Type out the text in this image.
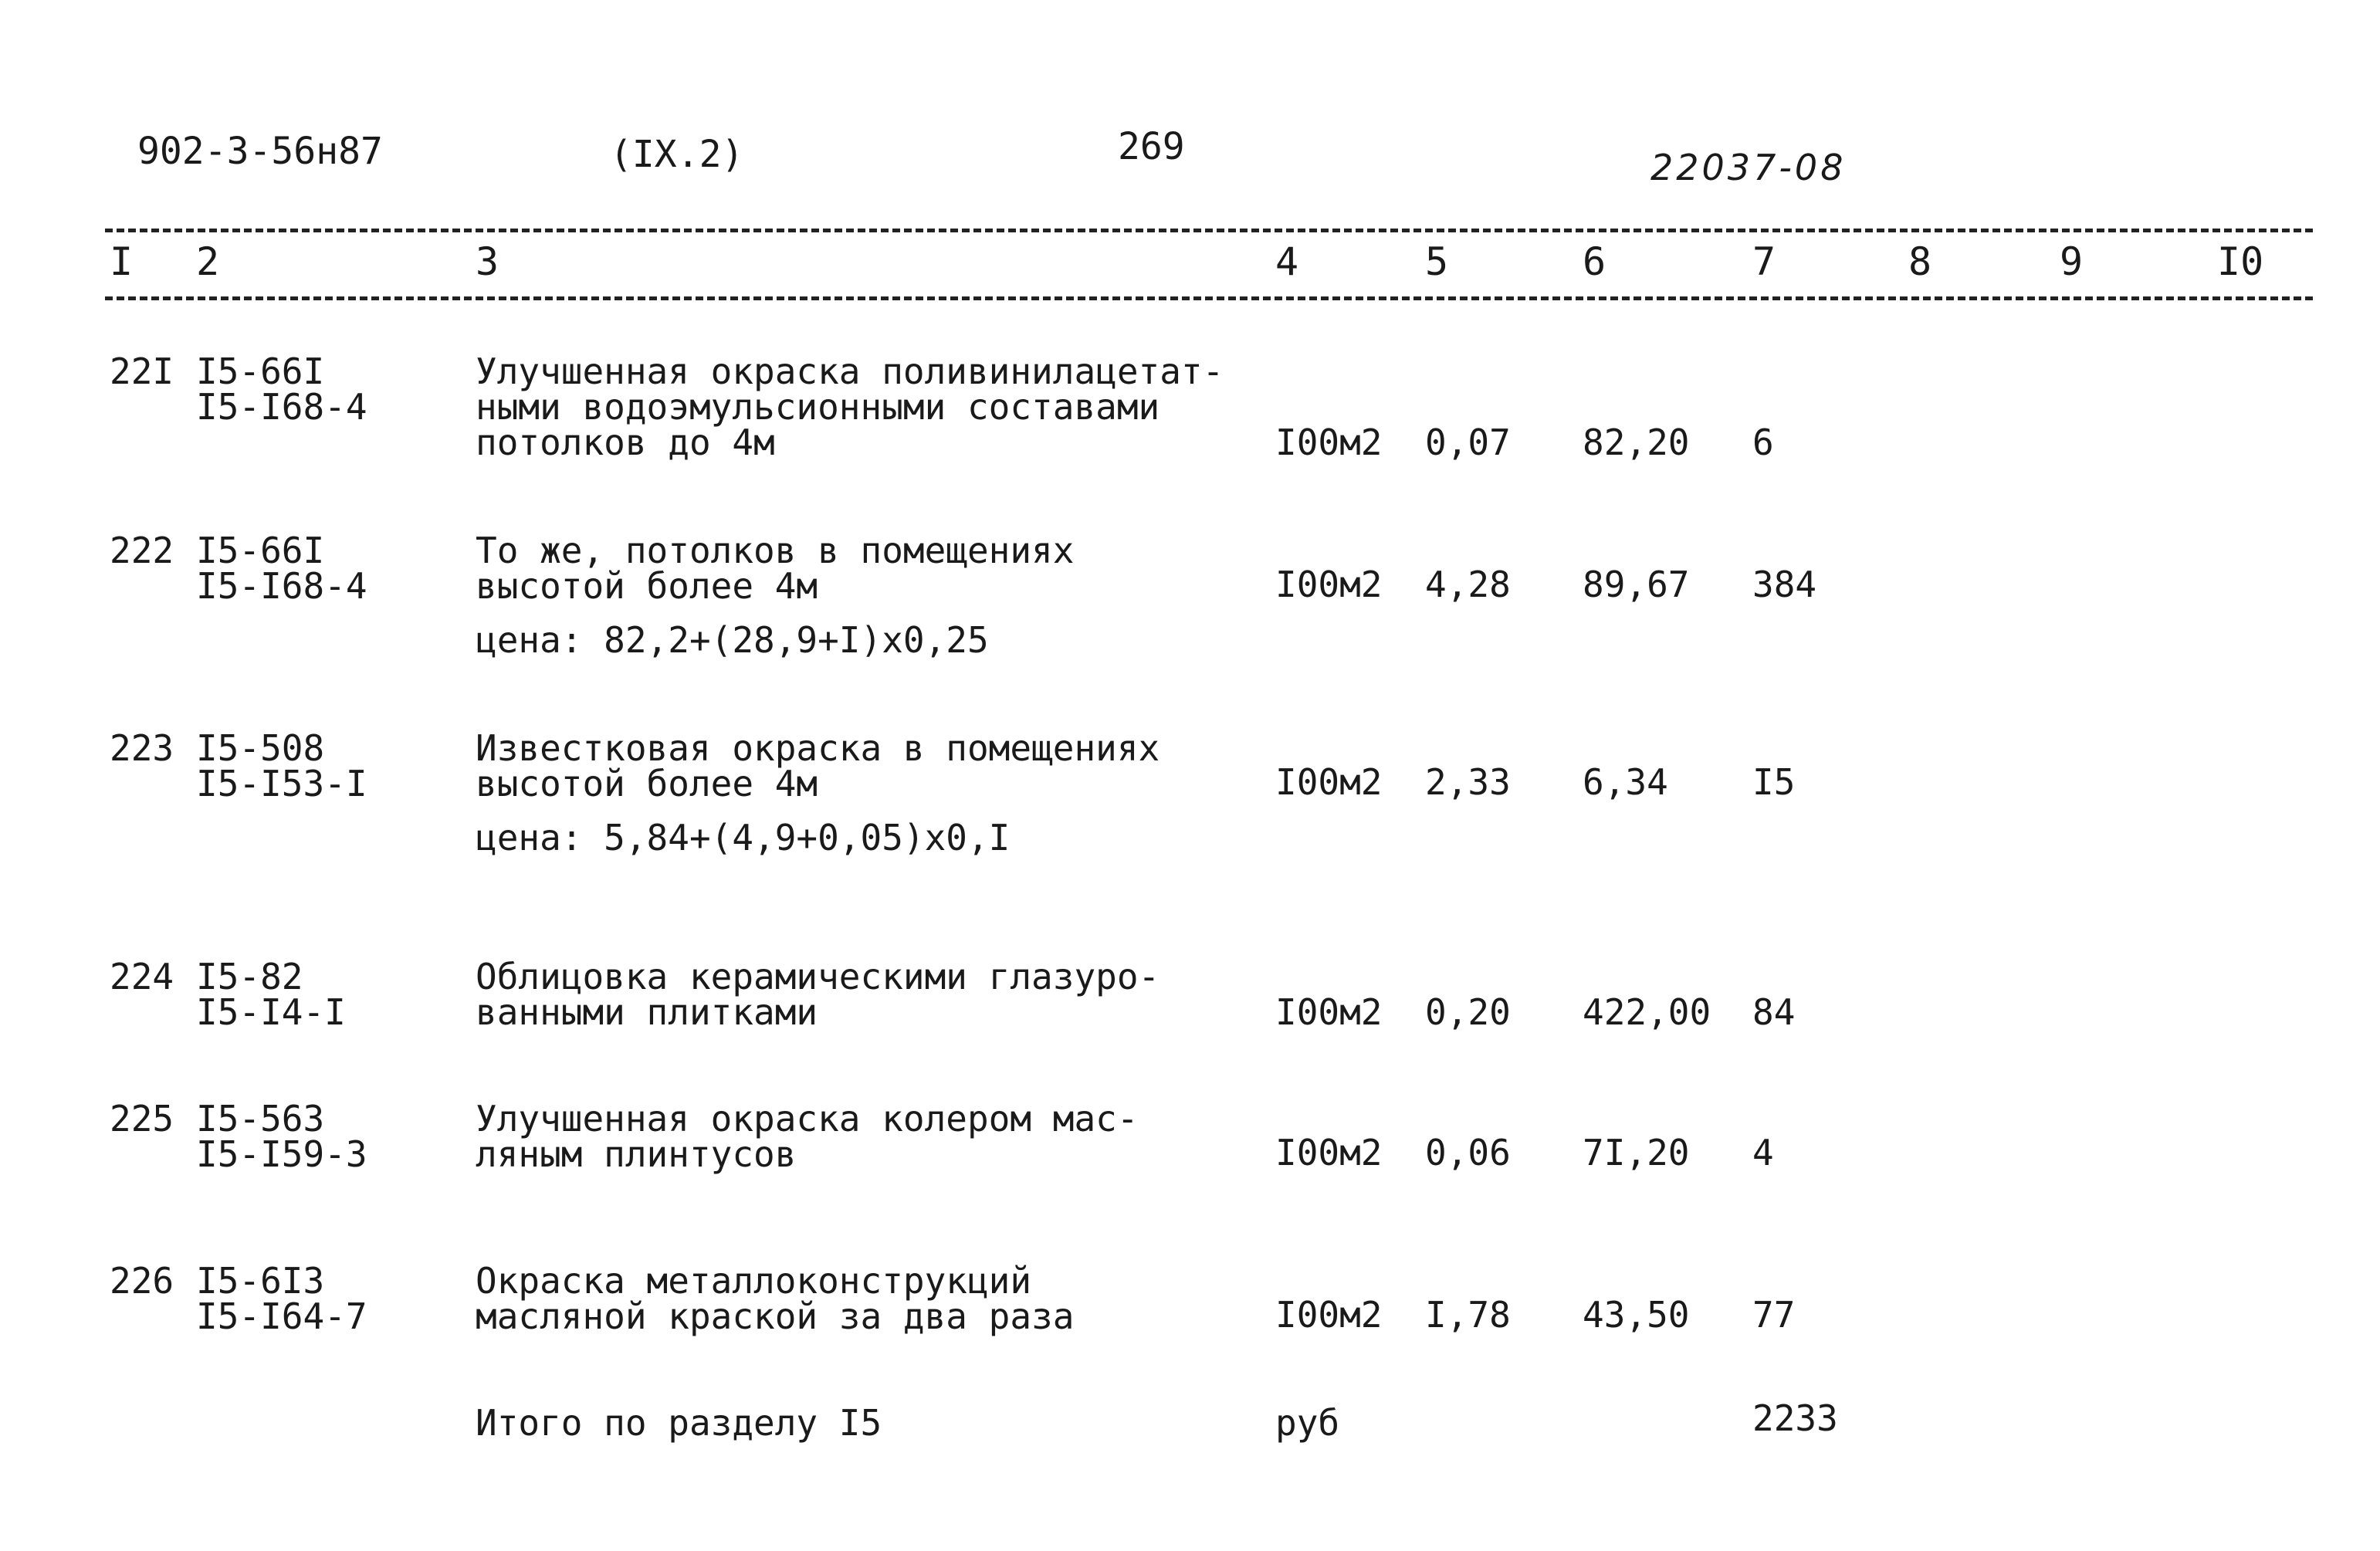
902-3-56н87	(IX.2)	269	22037-08
I 2	3	4	5	6	7	8	9	I0
22I I5-66I
I5-I68-4
Улучшенная окраска поливинилацетат-
ными водоэмульсионными составами
потолков до 4м	I00м2 0,07 82,20 6
222 I5-66I
I5-I68-4
То же, потолков в помещениях
высотой более 4м
цена: 82,2+(28,9+I)x0,25
I00м2 4,28 89,67 384
223 I5-508
I5-I53-I
Известковая окраска в помещениях
высотой более 4м
цена: 5,84+(4,9+0,05)x0,I
I00м2 2,33 6,34 I5
224 I5-82
I5-I4-I
Облицовка керамическими глазуро-
ванными плитками	I00м2 0,20 422,00 84
225 I5-563
I5-I59-3
Улучшенная окраска колером мас-
ляным плинтусов	I00м2 0,06 7I,20 4
226 I5-6I3
I5-I64-7
Окраска металлоконструкций
масляной краской за два раза	I00м2 I,78 43,50 77
Итого по разделу I5	руб	2233
